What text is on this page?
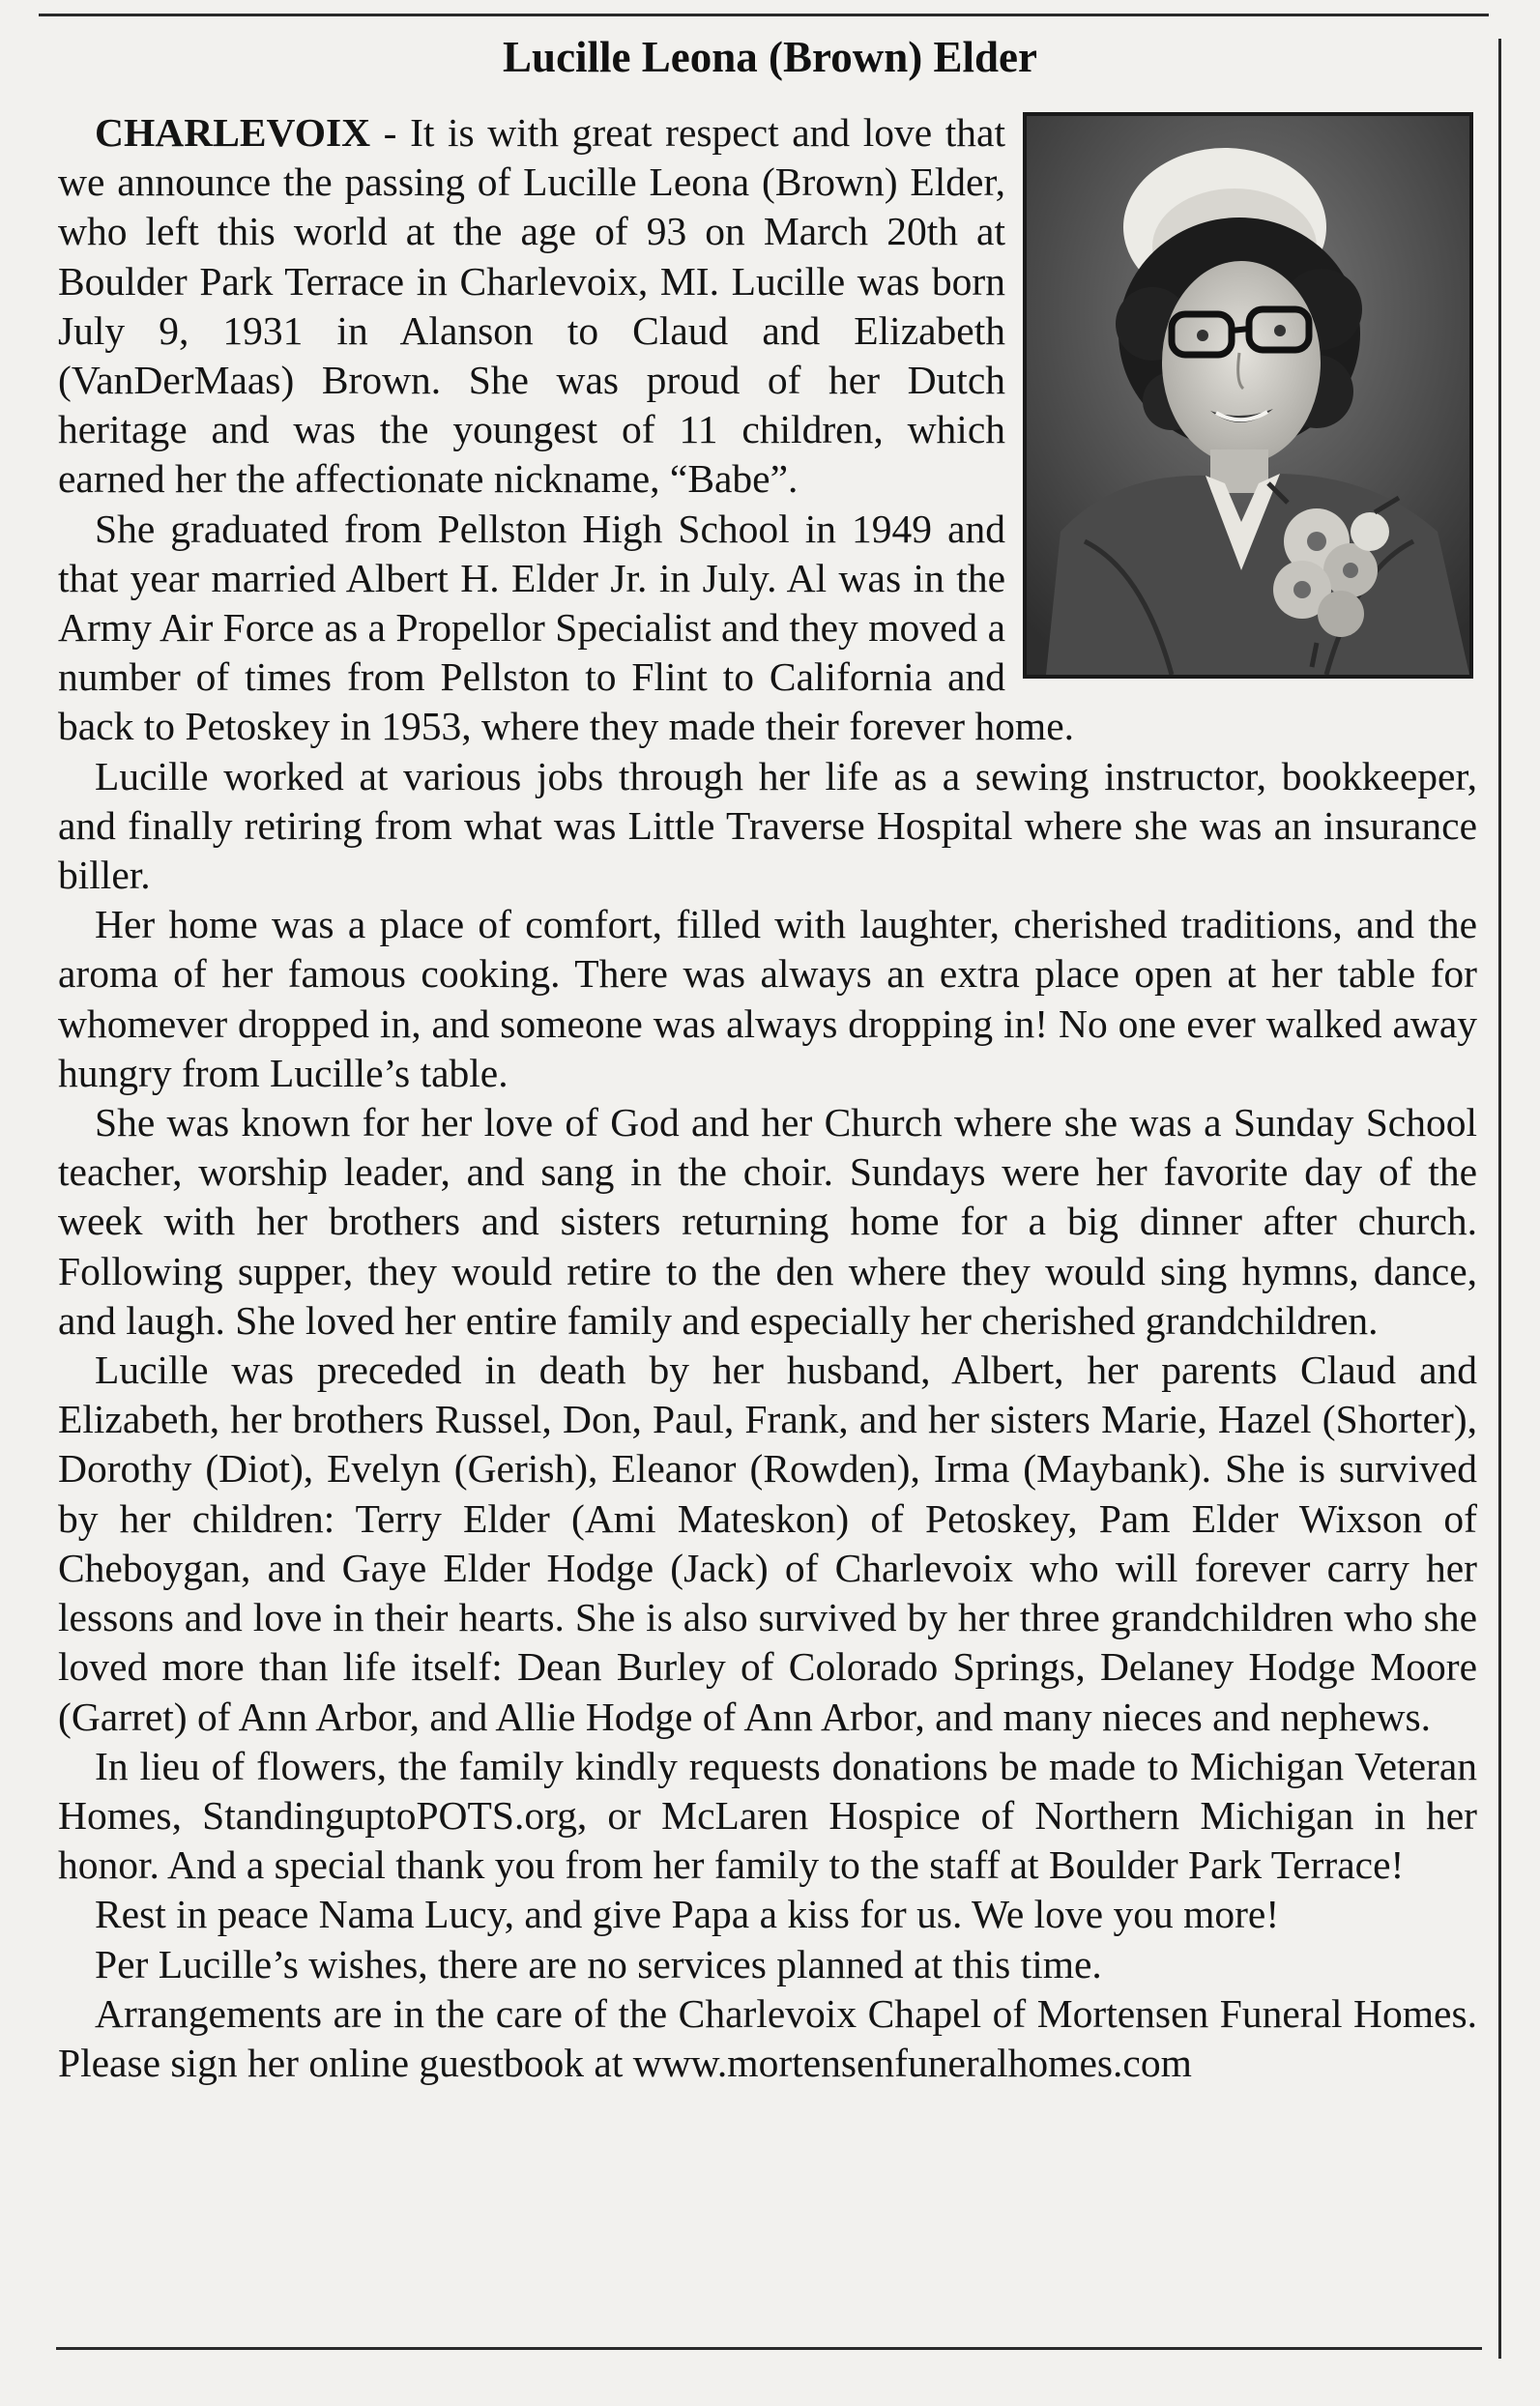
Lucille Leona (Brown) Elder

CHARLEVOIX - It is with great respect and love that we announce the passing of Lucille Leona (Brown) Elder, who left this world at the age of 93 on March 20th at Boulder Park Terrace in Charlevoix, MI. Lucille was born July 9, 1931 in Alanson to Claud and Elizabeth (VanDerMaas) Brown. She was proud of her Dutch heritage and was the youngest of 11 children, which earned her the affectionate nickname, “Babe”.

She graduated from Pellston High School in 1949 and that year married Albert H. Elder Jr. in July. Al was in the Army Air Force as a Propellor Specialist and they moved a number of times from Pellston to Flint to California and back to Petoskey in 1953, where they made their forever home.

Lucille worked at various jobs through her life as a sewing instructor, bookkeeper, and finally retiring from what was Little Traverse Hospital where she was an insurance biller.

Her home was a place of comfort, filled with laughter, cherished traditions, and the aroma of her famous cooking. There was always an extra place open at her table for whomever dropped in, and someone was always dropping in! No one ever walked away hungry from Lucille’s table.

She was known for her love of God and her Church where she was a Sunday School teacher, worship leader, and sang in the choir. Sundays were her favorite day of the week with her brothers and sisters returning home for a big dinner after church. Following supper, they would retire to the den where they would sing hymns, dance, and laugh. She loved her entire family and especially her cherished grandchildren.

Lucille was preceded in death by her husband, Albert, her parents Claud and Elizabeth, her brothers Russel, Don, Paul, Frank, and her sisters Marie, Hazel (Shorter), Dorothy (Diot), Evelyn (Gerish), Eleanor (Rowden), Irma (Maybank). She is survived by her children: Terry Elder (Ami Mateskon) of Petoskey, Pam Elder Wixson of Cheboygan, and Gaye Elder Hodge (Jack) of Charlevoix who will forever carry her lessons and love in their hearts. She is also survived by her three grandchildren who she loved more than life itself: Dean Burley of Colorado Springs, Delaney Hodge Moore (Garret) of Ann Arbor, and Allie Hodge of Ann Arbor, and many nieces and nephews.

In lieu of flowers, the family kindly requests donations be made to Michigan Veteran Homes, StandinguptoPOTS.org, or McLaren Hospice of Northern Michigan in her honor. And a special thank you from her family to the staff at Boulder Park Terrace!

Rest in peace Nama Lucy, and give Papa a kiss for us. We love you more!

Per Lucille’s wishes, there are no services planned at this time.

Arrangements are in the care of the Charlevoix Chapel of Mortensen Funeral Homes. Please sign her online guestbook at www.mortensenfuneralhomes.com
